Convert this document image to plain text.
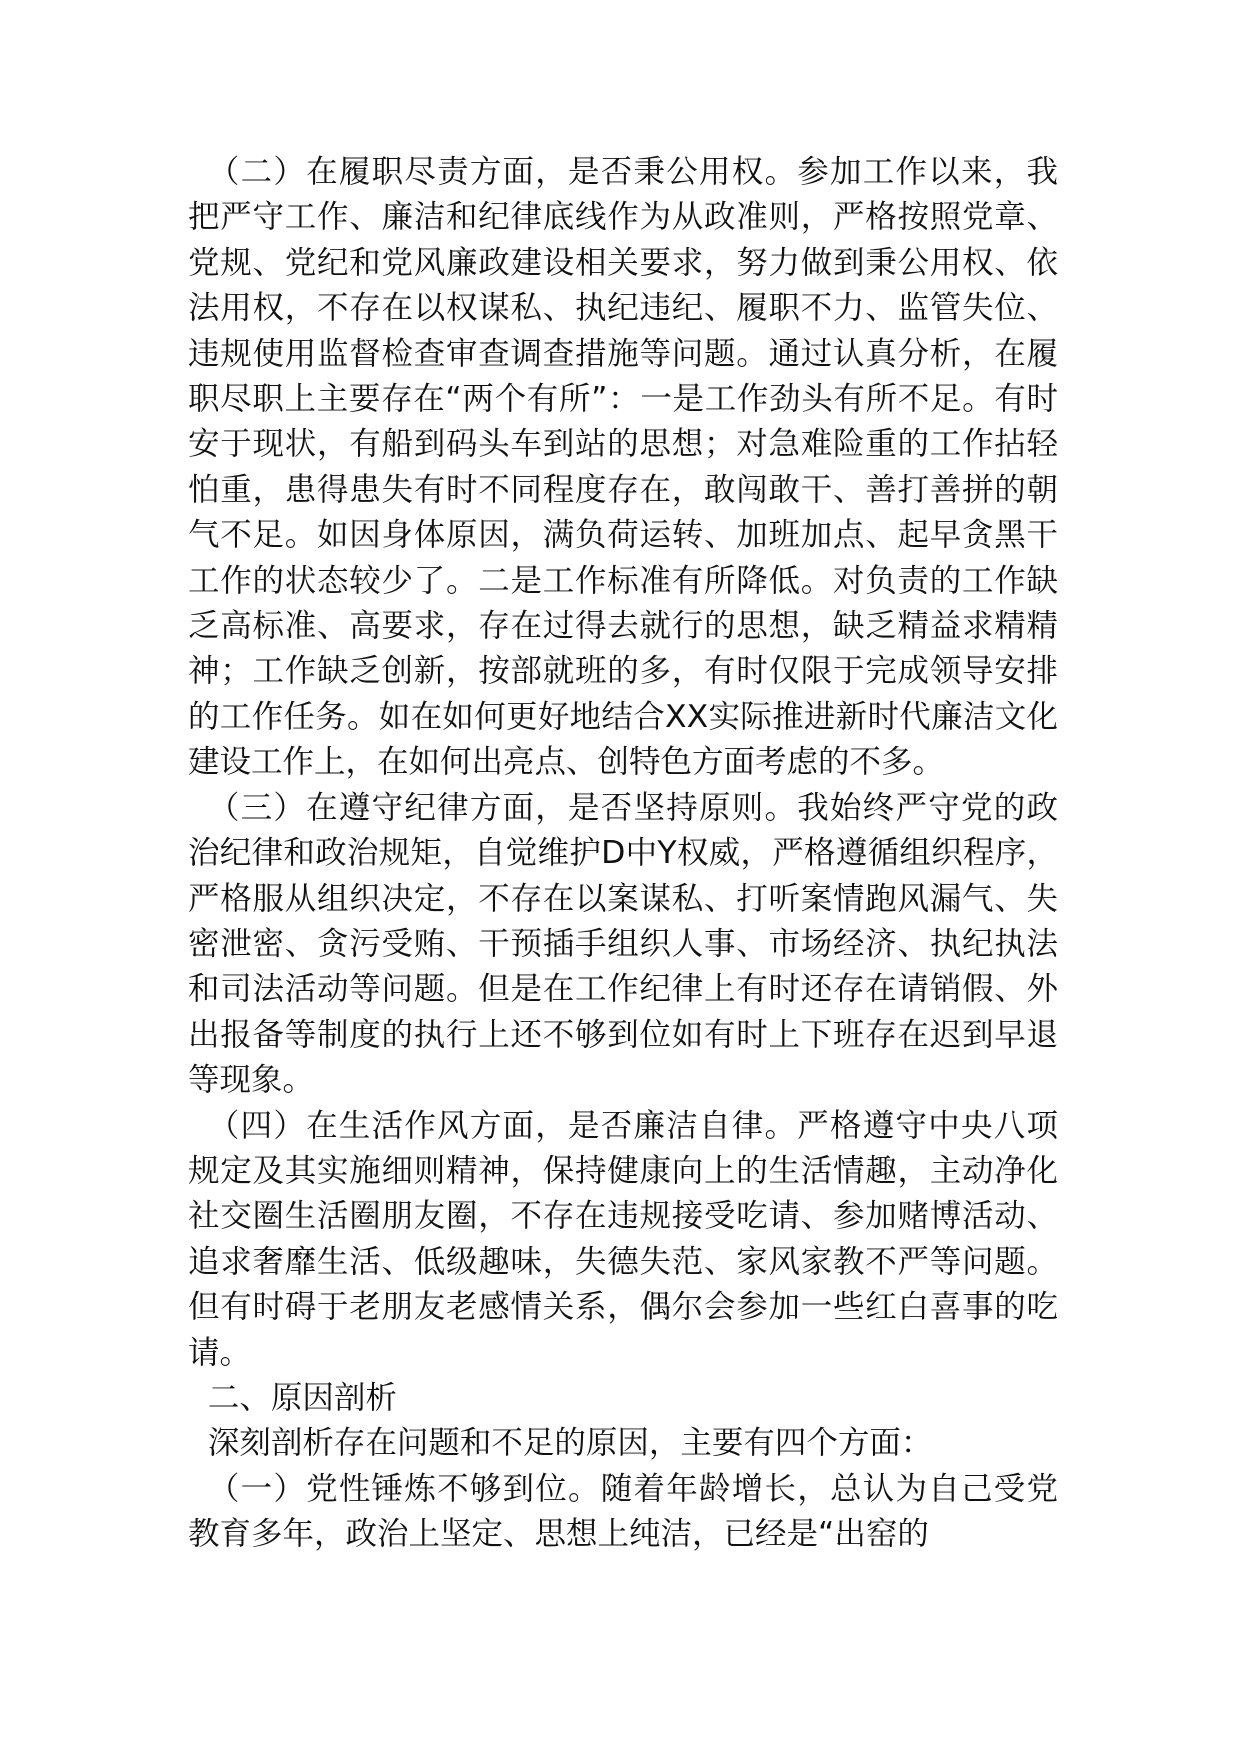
（二）在履职尽责方面，是否秉公用权。参加工作以来，我把严守工作、廉洁和纪律底线作为从政准则，严格按照党章、党规、党纪和党风廉政建设相关要求，努力做到秉公用权、依法用权，不存在以权谋私、执纪违纪、履职不力、监管失位、违规使用监督检查审查调查措施等问题。通过认真分析，在履职尽职上主要存在“两个有所”：一是工作劲头有所不足。有时安于现状，有船到码头车到站的思想；对急难险重的工作拈轻怕重，患得患失有时不同程度存在，敢闯敢干、善打善拼的朝气不足。如因身体原因，满负荷运转、加班加点、起早贪黑干工作的状态较少了。二是工作标准有所降低。对负责的工作缺乏高标准、高要求，存在过得去就行的思想，缺乏精益求精精神；工作缺乏创新，按部就班的多，有时仅限于完成领导安排的工作任务。如在如何更好地结合XX实际推进新时代廉洁文化建设工作上，在如何出亮点、创特色方面考虑的不多。

（三）在遵守纪律方面，是否坚持原则。我始终严守党的政治纪律和政治规矩，自觉维护D中Y权威，严格遵循组织程序，严格服从组织决定，不存在以案谋私、打听案情跑风漏气、失密泄密、贪污受贿、干预插手组织人事、市场经济、执纪执法和司法活动等问题。但是在工作纪律上有时还存在请销假、外出报备等制度的执行上还不够到位如有时上下班存在迟到早退等现象。

（四）在生活作风方面，是否廉洁自律。严格遵守中央八项规定及其实施细则精神，保持健康向上的生活情趣，主动净化社交圈生活圈朋友圈，不存在违规接受吃请、参加赌博活动、追求奢靡生活、低级趣味，失德失范、家风家教不严等问题。但有时碍于老朋友老感情关系，偶尔会参加一些红白喜事的吃请。

二、原因剖析

深刻剖析存在问题和不足的原因，主要有四个方面：

（一）党性锤炼不够到位。随着年龄增长，总认为自己受党教育多年，政治上坚定、思想上纯洁，已经是“出窑的
